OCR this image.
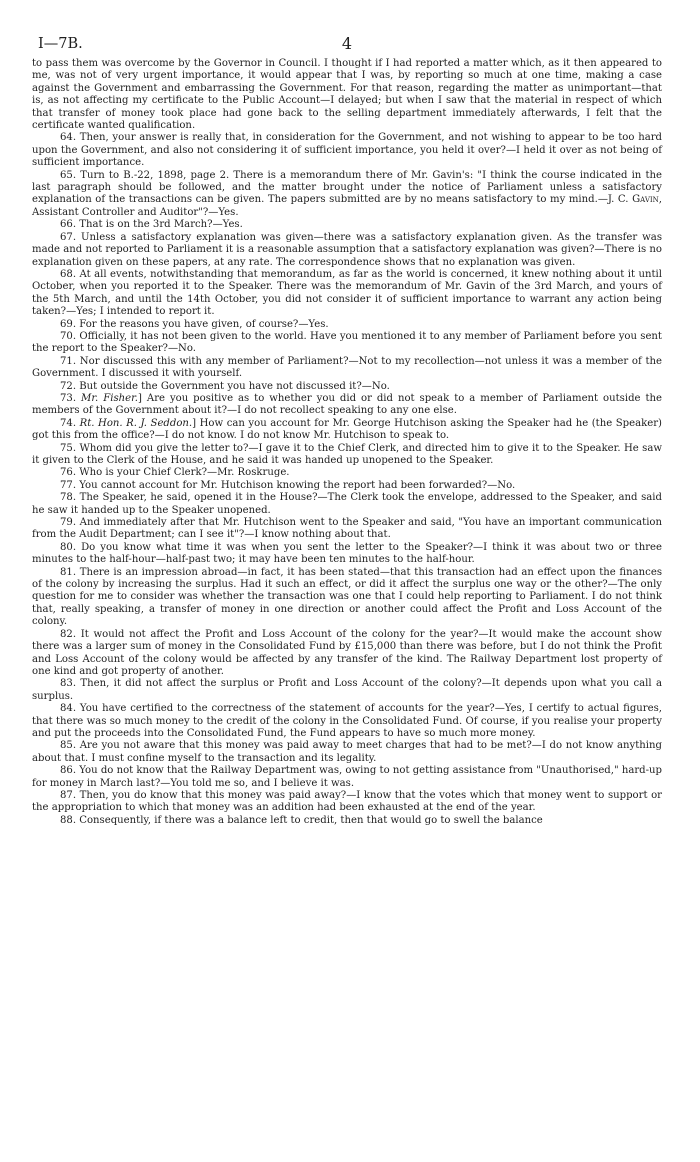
I—7B.	4

to pass them was overcome by the Governor in Council. I thought if I had reported a matter which, as it then appeared to me, was not of very urgent importance, it would appear that I was, by reporting so much at one time, making a case against the Government and embarrassing the Government. For that reason, regarding the matter as unimportant—that is, as not affecting my certificate to the Public Account—I delayed; but when I saw that the material in respect of which that transfer of money took place had gone back to the selling department immediately afterwards, I felt that the certificate wanted qualification.

64. Then, your answer is really that, in consideration for the Government, and not wishing to appear to be too hard upon the Government, and also not considering it of sufficient importance, you held it over?—I held it over as not being of sufficient importance.

65. Turn to B.-22, 1898, page 2. There is a memorandum there of Mr. Gavin's: "I think the course indicated in the last paragraph should be followed, and the matter brought under the notice of Parliament unless a satisfactory explanation of the transactions can be given. The papers submitted are by no means satisfactory to my mind.—J. C. Gavin, Assistant Controller and Auditor"?—Yes.

66. That is on the 3rd March?—Yes.

67. Unless a satisfactory explanation was given—there was a satisfactory explanation given. As the transfer was made and not reported to Parliament it is a reasonable assumption that a satisfactory explanation was given?—There is no explanation given on these papers, at any rate. The correspondence shows that no explanation was given.

68. At all events, notwithstanding that memorandum, as far as the world is concerned, it knew nothing about it until October, when you reported it to the Speaker. There was the memorandum of Mr. Gavin of the 3rd March, and yours of the 5th March, and until the 14th October, you did not consider it of sufficient importance to warrant any action being taken?—Yes; I intended to report it.

69. For the reasons you have given, of course?—Yes.

70. Officially, it has not been given to the world. Have you mentioned it to any member of Parliament before you sent the report to the Speaker?—No.

71. Nor discussed this with any member of Parliament?—Not to my recollection—not unless it was a member of the Government. I discussed it with yourself.

72. But outside the Government you have not discussed it?—No.

73. Mr. Fisher.] Are you positive as to whether you did or did not speak to a member of Parliament outside the members of the Government about it?—I do not recollect speaking to any one else.

74. Rt. Hon. R. J. Seddon.] How can you account for Mr. George Hutchison asking the Speaker had he (the Speaker) got this from the office?—I do not know. I do not know Mr. Hutchison to speak to.

75. Whom did you give the letter to?—I gave it to the Chief Clerk, and directed him to give it to the Speaker. He saw it given to the Clerk of the House, and he said it was handed up unopened to the Speaker.

76. Who is your Chief Clerk?—Mr. Roskruge.

77. You cannot account for Mr. Hutchison knowing the report had been forwarded?—No.

78. The Speaker, he said, opened it in the House?—The Clerk took the envelope, addressed to the Speaker, and said he saw it handed up to the Speaker unopened.

79. And immediately after that Mr. Hutchison went to the Speaker and said, "You have an important communication from the Audit Department; can I see it"?—I know nothing about that.

80. Do you know what time it was when you sent the letter to the Speaker?—I think it was about two or three minutes to the half-hour—half-past two; it may have been ten minutes to the half-hour.

81. There is an impression abroad—in fact, it has been stated—that this transaction had an effect upon the finances of the colony by increasing the surplus. Had it such an effect, or did it affect the surplus one way or the other?—The only question for me to consider was whether the transaction was one that I could help reporting to Parliament. I do not think that, really speaking, a transfer of money in one direction or another could affect the Profit and Loss Account of the colony.

82. It would not affect the Profit and Loss Account of the colony for the year?—It would make the account show there was a larger sum of money in the Consolidated Fund by £15,000 than there was before, but I do not think the Profit and Loss Account of the colony would be affected by any transfer of the kind. The Railway Department lost property of one kind and got property of another.

83. Then, it did not affect the surplus or Profit and Loss Account of the colony?—It depends upon what you call a surplus.

84. You have certified to the correctness of the statement of accounts for the year?—Yes, I certify to actual figures, that there was so much money to the credit of the colony in the Consolidated Fund. Of course, if you realise your property and put the proceeds into the Consolidated Fund, the Fund appears to have so much more money.

85. Are you not aware that this money was paid away to meet charges that had to be met?—I do not know anything about that. I must confine myself to the transaction and its legality.

86. You do not know that the Railway Department was, owing to not getting assistance from "Unauthorised," hard-up for money in March last?—You told me so, and I believe it was.

87. Then, you do know that this money was paid away?—I know that the votes which that money went to support or the appropriation to which that money was an addition had been exhausted at the end of the year.

88. Consequently, if there was a balance left to credit, then that would go to swell the balance
